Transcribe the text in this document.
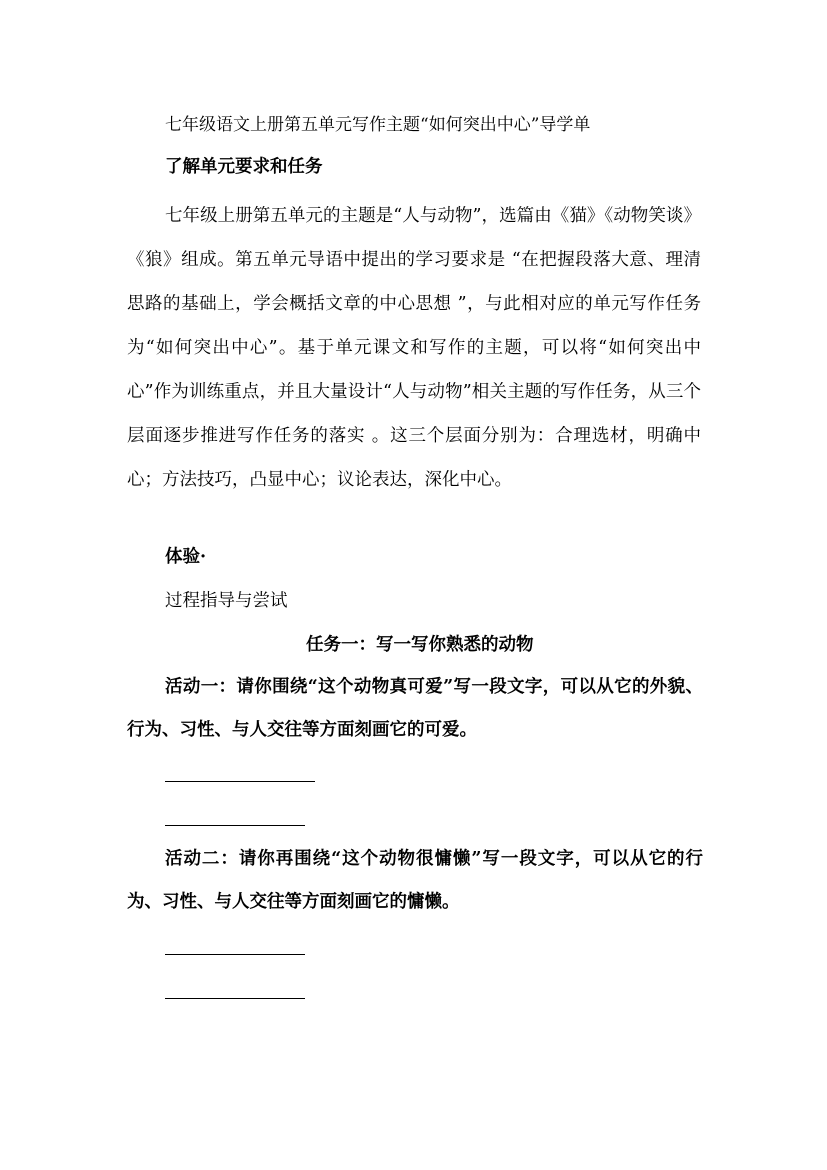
七年级语文上册第五单元写作主题“如何突出中心”导学单
了解单元要求和任务
七年级上册第五单元的主题是“人与动物”，选篇由《猫》《动物笑谈》《狼》组成。第五单元导语中提出的学习要求是 “在把握段落大意、理清思路的基础上，学会概括文章的中心思想 ”，与此相对应的单元写作任务为“如何突出中心”。基于单元课文和写作的主题，可以将“如何突出中心”作为训练重点，并且大量设计“人与动物”相关主题的写作任务，从三个层面逐步推进写作任务的落实 。这三个层面分别为：合理选材，明确中心；方法技巧，凸显中心；议论表达，深化中心。
体验·
过程指导与尝试
任务一：写一写你熟悉的动物
活动一：请你围绕“这个动物真可爱”写一段文字，可以从它的外貌、行为、习性、与人交往等方面刻画它的可爱。
活动二：请你再围绕“这个动物很慵懒”写一段文字，可以从它的行为、习性、与人交往等方面刻画它的慵懒。
